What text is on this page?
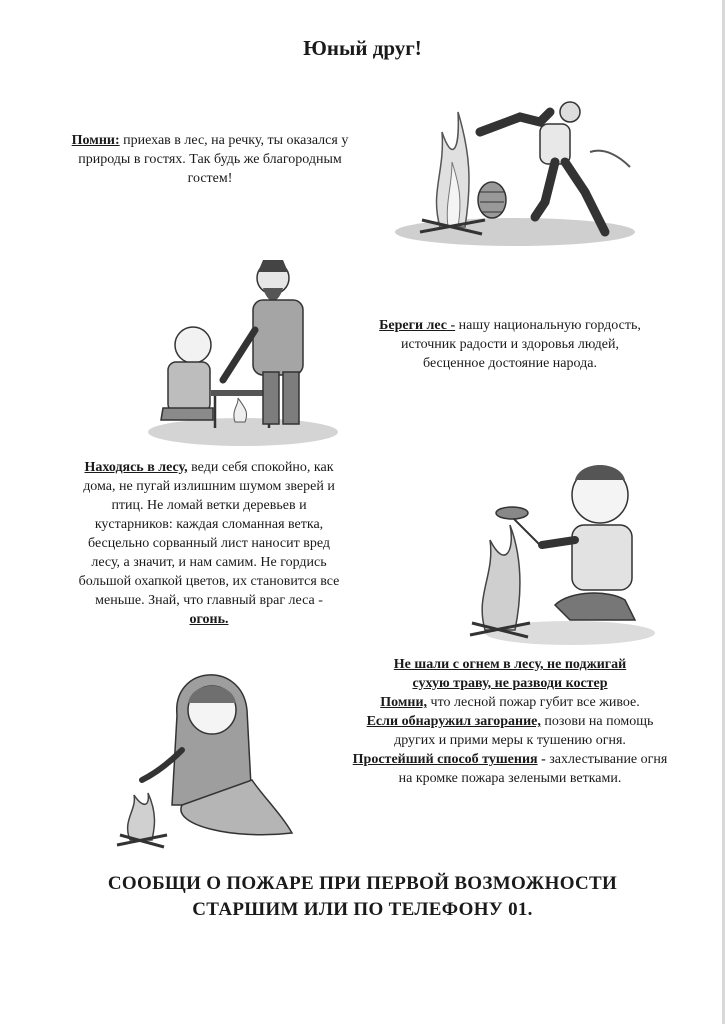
Юный друг!

Помни: приехав в лес, на речку, ты оказался у природы в гостях. Так будь же благородным гостем!

Береги лес - нашу национальную гордость, источник радости и здоровья людей, бесценное достояние народа.

Находясь в лесу, веди себя спокойно, как дома, не пугай излишним шумом зверей и птиц. Не ломай ветки деревьев и кустарников: каждая сломанная ветка, бесцельно сорванный лист наносит вред лесу, а значит, и нам самим. Не гордись большой охапкой цветов, их становится все меньше. Знай, что главный враг леса - огонь.

Не шали с огнем в лесу, не поджигай
сухую траву, не разводи костер
Помни, что лесной пожар губит все живое.
Если обнаружил загорание, позови на помощь других и прими меры к тушению огня.
Простейший способ тушения - захлестывание огня на кромке пожара зелеными ветками.

СООБЩИ О ПОЖАРЕ ПРИ ПЕРВОЙ ВОЗМОЖНОСТИ

СТАРШИМ ИЛИ ПО ТЕЛЕФОНУ 01.
